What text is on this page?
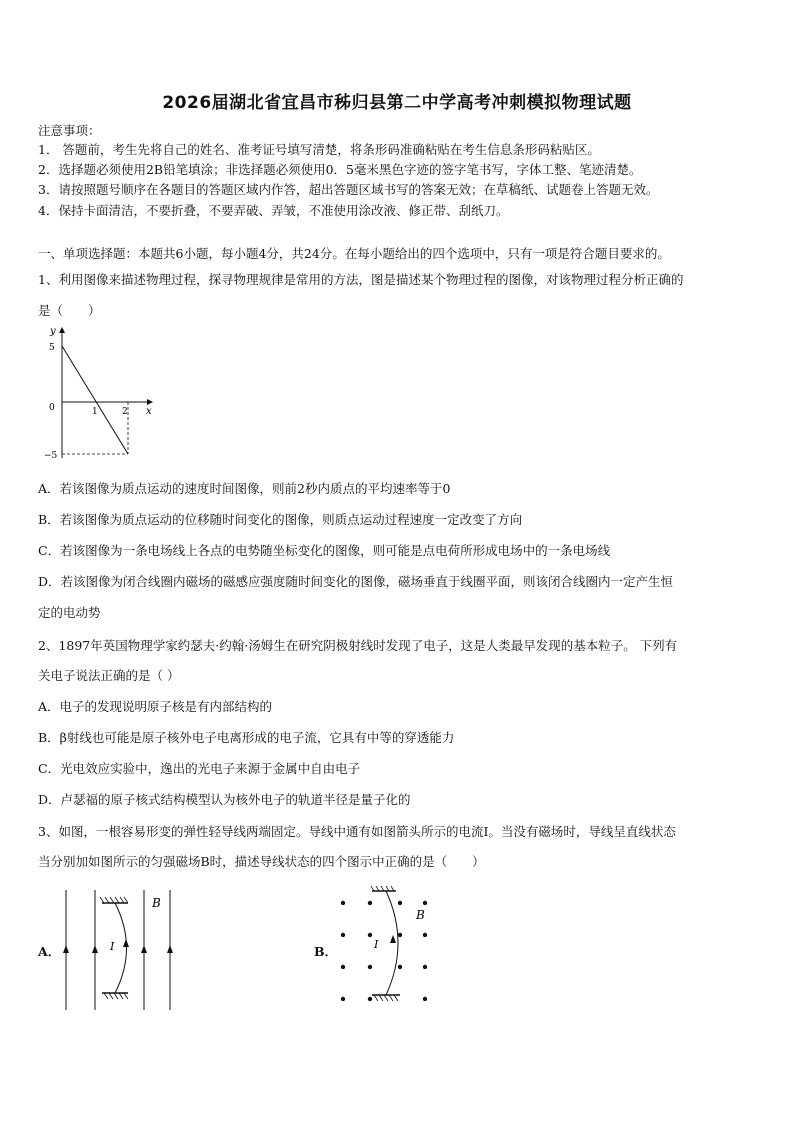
2026届湖北省宜昌市秭归县第二中学高考冲刺模拟物理试题
注意事项：
1． 答题前，考生先将自己的姓名、准考证号填写清楚，将条形码准确粘贴在考生信息条形码粘贴区。
2．选择题必须使用2B铅笔填涂；非选择题必须使用0．5毫米黑色字迹的签字笔书写，字体工整、笔迹清楚。
3．请按照题号顺序在各题目的答题区域内作答，超出答题区域书写的答案无效；在草稿纸、试题卷上答题无效。
4．保持卡面清洁，不要折叠，不要弄破、弄皱，不准使用涂改液、修正带、刮纸刀。
一、单项选择题：本题共6小题，每小题4分，共24分。在每小题给出的四个选项中，只有一项是符合题目要求的。
1、利用图像来描述物理过程，探寻物理规律是常用的方法，图是描述某个物理过程的图像，对该物理过程分析正确的
是（　　）
y
x
5
0
−5
1	2
A．若该图像为质点运动的速度时间图像，则前2秒内质点的平均速率等于0
B．若该图像为质点运动的位移随时间变化的图像，则质点运动过程速度一定改变了方向
C．若该图像为一条电场线上各点的电势随坐标变化的图像，则可能是点电荷所形成电场中的一条电场线
D．若该图像为闭合线圈内磁场的磁感应强度随时间变化的图像，磁场垂直于线圈平面，则该闭合线圈内一定产生恒
定的电动势
2、1897年英国物理学家约瑟夫·约翰·汤姆生在研究阴极射线时发现了电子，这是人类最早发现的基本粒子。 下列有
关电子说法正确的是（ ）
A．电子的发现说明原子核是有内部结构的
B．β射线也可能是原子核外电子电离形成的电子流，它具有中等的穿透能力
C．光电效应实验中，逸出的光电子来源于金属中自由电子
D．卢瑟福的原子核式结构模型认为核外电子的轨道半径是量子化的
3、如图，一根容易形变的弹性轻导线两端固定。导线中通有如图箭头所示的电流I。当没有磁场时，导线呈直线状态
当分别加如图所示的匀强磁场B时，描述导线状态的四个图示中正确的是（　　）
A．	I
B
B．	I
B
